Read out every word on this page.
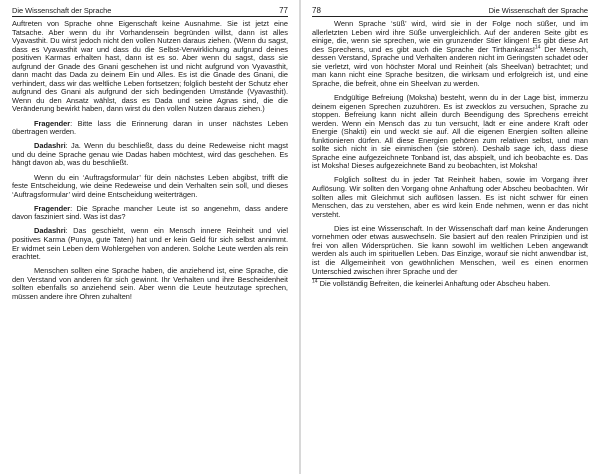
Die Wissenschaft der Sprache	77

Auftreten von Sprache ohne Eigenschaft keine Ausnahme. Sie ist jetzt eine Tatsache. Aber wenn du ihr Vorhandensein begründen willst, dann ist alles Vyavasthit. Du wirst jedoch nicht den vollen Nutzen daraus ziehen. (Wenn du sagst, dass es Vyavasthit war und dass du die Selbst-Verwirklichung aufgrund deines positiven Karmas erhalten hast, dann ist es so. Aber wenn du sagst, dass sie aufgrund der Gnade des Gnani geschehen ist und nicht aufgrund von Vyavasthit, dann macht das Dada zu deinem Ein und Alles. Es ist die Gnade des Gnani, die verhindert, dass wir das weltliche Leben fortsetzen; folglich besteht der Schutz eher aufgrund des Gnani als aufgrund der sich bedingenden Umstände (Vyavasthit). Wenn du den Ansatz wählst, dass es Dada und seine Agnas sind, die die Veränderung bewirkt haben, dann wirst du den vollen Nutzen daraus ziehen.)

Fragender: Bitte lass die Erinnerung daran in unser nächstes Leben übertragen werden.

Dadashri: Ja. Wenn du beschließt, dass du deine Redeweise nicht magst und du deine Sprache genau wie Dadas haben möchtest, wird das geschehen. Es hängt davon ab, was du beschließt.

Wenn du ein ‘Auftragsformular’ für dein nächstes Leben abgibst, trifft die feste Entscheidung, wie deine Redeweise und dein Verhalten sein soll, und dieses ‘Auftragsformular’ wird deine Entscheidung weiterträgen.

Fragender: Die Sprache mancher Leute ist so angenehm, dass andere davon fasziniert sind. Was ist das?

Dadashri: Das geschieht, wenn ein Mensch innere Reinheit und viel positives Karma (Punya, gute Taten) hat und er kein Geld für sich selbst annimmt. Er widmet sein Leben dem Wohlergehen von anderen. Solche Leute werden als rein erachtet.

Menschen sollten eine Sprache haben, die anziehend ist, eine Sprache, die den Verstand von anderen für sich gewinnt. Ihr Verhalten und ihre Bescheidenheit sollten ebenfalls so anziehend sein. Aber wenn die Leute heutzutage sprechen, müssen andere ihre Ohren zuhalten!

78	Die Wissenschaft der Sprache

Wenn Sprache ‘süß’ wird, wird sie in der Folge noch süßer, und im allerletzten Leben wird ihre Süße unvergleichlich. Auf der anderen Seite gibt es einige, die, wenn sie sprechen, wie ein grunzender Stier klingen! Es gibt diese Art des Sprechens, und es gibt auch die Sprache der Tirthankaras!$^{14}$ Der Mensch, dessen Verstand, Sprache und Verhalten anderen nicht im Geringsten schadet oder sie verletzt, wird von höchster Moral und Reinheit (als Sheelvan) betrachtet; und man kann nicht eine Sprache besitzen, die wirksam und erfolgreich ist, und eine Sprache, die befreit, ohne ein Sheelvan zu werden.

Endgültige Befreiung (Moksha) besteht, wenn du in der Lage bist, immerzu deinem eigenen Sprechen zuzuhören. Es ist zwecklos zu versuchen, Sprache zu stoppen. Befreiung kann nicht allein durch Beendigung des Sprechens erreicht werden. Wenn ein Mensch das zu tun versucht, lädt er eine andere Kraft oder Energie (Shakti) ein und weckt sie auf. All die eigenen Energien sollten alleine funktionieren dürfen. All diese Energien gehören zum relativen selbst, und man sollte sich nicht in sie einmischen (sie stören). Deshalb sage ich, dass diese Sprache eine aufgezeichnete Tonband ist, das abspielt, und ich beobachte es. Das ist Moksha! Dieses aufgezeichnete Band zu beobachten, ist Moksha!

Folglich solltest du in jeder Tat Reinheit haben, sowie im Vorgang ihrer Auflösung. Wir sollten den Vorgang ohne Anhaftung oder Abscheu beobachten. Wir sollten alles mit Gleichmut sich auflösen lassen. Es ist nicht schwer für einen Menschen, das zu verstehen, aber es wird kein Ende nehmen, wenn er das nicht versteht.

Dies ist eine Wissenschaft. In der Wissenschaft darf man keine Änderungen vornehmen oder etwas auswechseln. Sie basiert auf den realen Prinzipien und ist frei von allen Widersprüchen. Sie kann sowohl im weltlichen Leben angewandt werden als auch im spirituellen Leben. Das Einzige, worauf sie nicht anwendbar ist, ist die Allgemeinheit von gewöhnlichen Menschen, weil es einen enormen Unterschied zwischen ihrer Sprache und der

$^{14}$ Die vollständig Befreiten, die keinerlei Anhaftung oder Abscheu haben.
